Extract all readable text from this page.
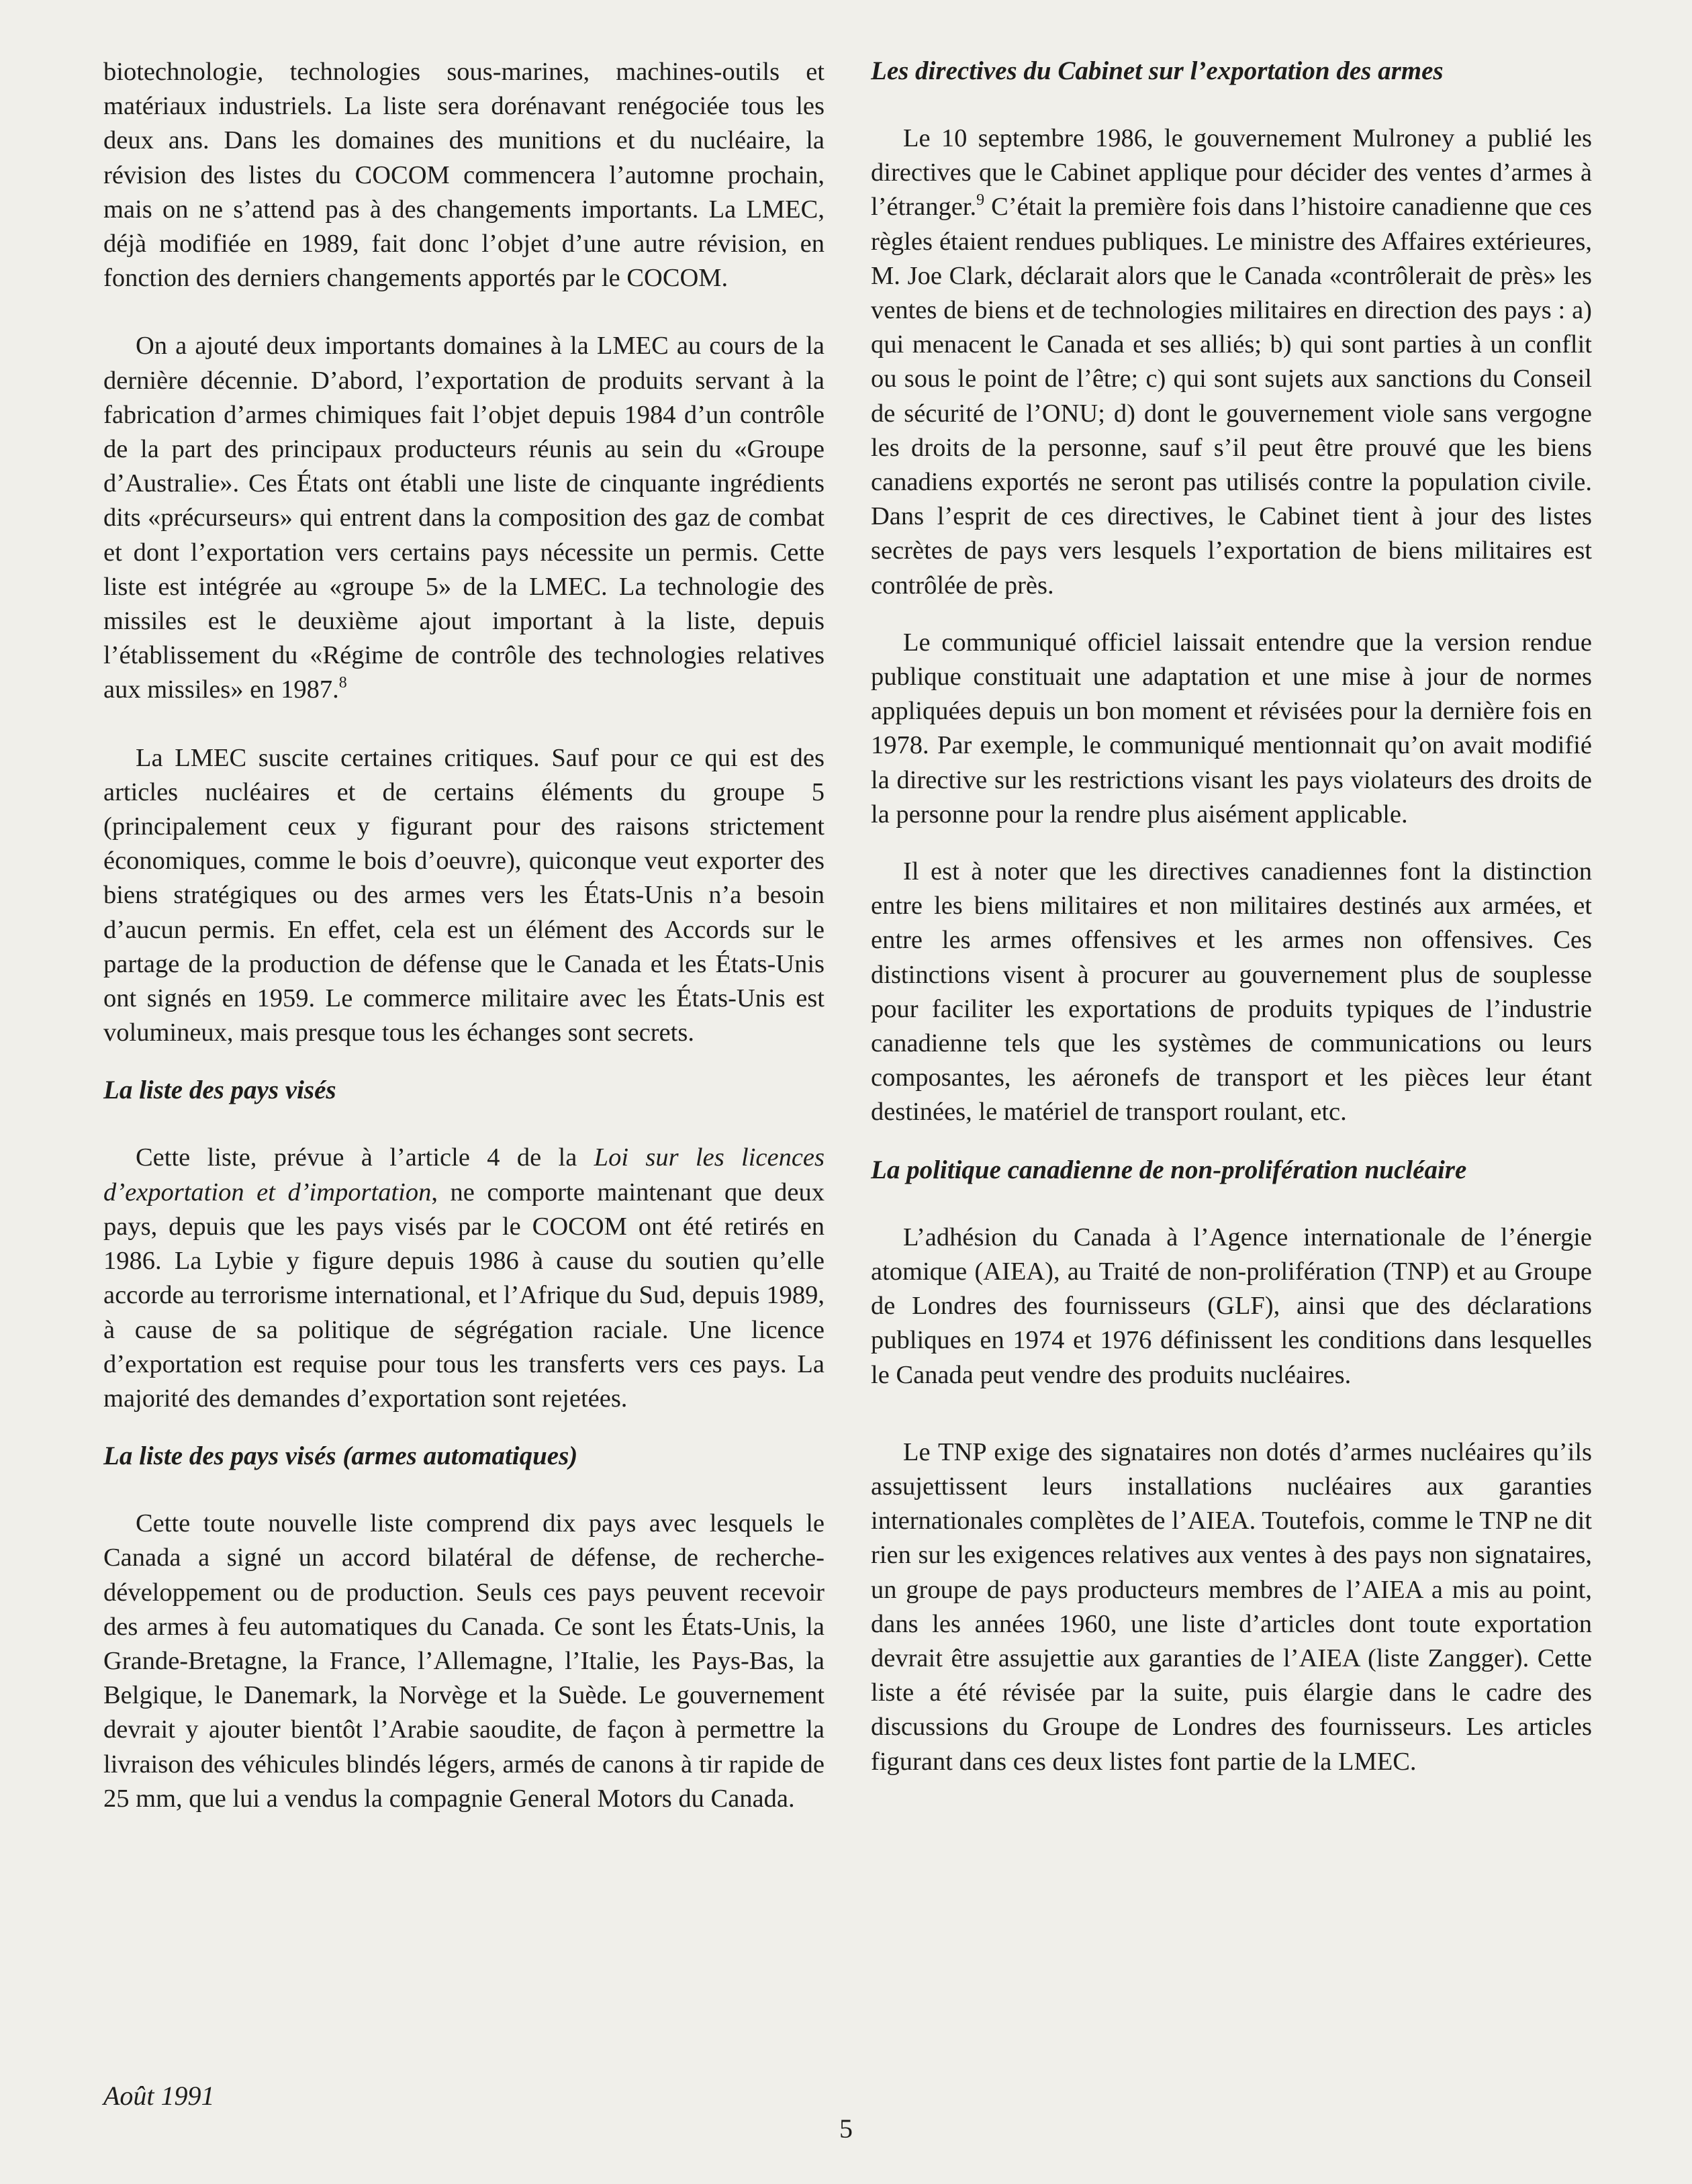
biotechnologie, technologies sous-marines, machines-outils et matériaux industriels. La liste sera dorénavant renégociée tous les deux ans. Dans les domaines des munitions et du nucléaire, la révision des listes du COCOM commencera l’automne prochain, mais on ne s’attend pas à des changements importants. La LMEC, déjà modifiée en 1989, fait donc l’objet d’une autre révision, en fonction des derniers changements apportés par le COCOM.

On a ajouté deux importants domaines à la LMEC au cours de la dernière décennie. D’abord, l’exportation de produits servant à la fabrication d’armes chimiques fait l’objet depuis 1984 d’un contrôle de la part des principaux producteurs réunis au sein du «Groupe d’Australie». Ces États ont établi une liste de cinquante ingrédients dits «précurseurs» qui entrent dans la composition des gaz de combat et dont l’exportation vers certains pays nécessite un permis. Cette liste est intégrée au «groupe 5» de la LMEC. La technologie des missiles est le deuxième ajout important à la liste, depuis l’établissement du «Régime de contrôle des technologies relatives aux missiles» en 1987.$^8$

La LMEC suscite certaines critiques. Sauf pour ce qui est des articles nucléaires et de certains éléments du groupe 5 (principalement ceux y figurant pour des raisons strictement économiques, comme le bois d’oeuvre), quiconque veut exporter des biens stratégiques ou des armes vers les États-Unis n’a besoin d’aucun permis. En effet, cela est un élément des Accords sur le partage de la production de défense que le Canada et les États-Unis ont signés en 1959. Le commerce militaire avec les États-Unis est volumineux, mais presque tous les échanges sont secrets.

La liste des pays visés

Cette liste, prévue à l’article 4 de la Loi sur les licences d’exportation et d’importation, ne comporte maintenant que deux pays, depuis que les pays visés par le COCOM ont été retirés en 1986. La Lybie y figure depuis 1986 à cause du soutien qu’elle accorde au terrorisme international, et l’Afrique du Sud, depuis 1989, à cause de sa politique de ségrégation raciale. Une licence d’exportation est requise pour tous les transferts vers ces pays. La majorité des demandes d’exportation sont rejetées.

La liste des pays visés (armes automatiques)

Cette toute nouvelle liste comprend dix pays avec lesquels le Canada a signé un accord bilatéral de défense, de recherche-développement ou de production. Seuls ces pays peuvent recevoir des armes à feu automatiques du Canada. Ce sont les États-Unis, la Grande-Bretagne, la France, l’Allemagne, l’Italie, les Pays-Bas, la Belgique, le Danemark, la Norvège et la Suède. Le gouvernement devrait y ajouter bientôt l’Arabie saoudite, de façon à permettre la livraison des véhicules blindés légers, armés de canons à tir rapide de 25 mm, que lui a vendus la compagnie General Motors du Canada.

Les directives du Cabinet sur l’exportation des armes

Le 10 septembre 1986, le gouvernement Mulroney a publié les directives que le Cabinet applique pour décider des ventes d’armes à l’étranger.$^9$ C’était la première fois dans l’histoire canadienne que ces règles étaient rendues publiques. Le ministre des Affaires extérieures, M. Joe Clark, déclarait alors que le Canada «contrôlerait de près» les ventes de biens et de technologies militaires en direction des pays : a) qui menacent le Canada et ses alliés; b) qui sont parties à un conflit ou sous le point de l’être; c) qui sont sujets aux sanctions du Conseil de sécurité de l’ONU; d) dont le gouvernement viole sans vergogne les droits de la personne, sauf s’il peut être prouvé que les biens canadiens exportés ne seront pas utilisés contre la population civile. Dans l’esprit de ces directives, le Cabinet tient à jour des listes secrètes de pays vers lesquels l’exportation de biens militaires est contrôlée de près.

Le communiqué officiel laissait entendre que la version rendue publique constituait une adaptation et une mise à jour de normes appliquées depuis un bon moment et révisées pour la dernière fois en 1978. Par exemple, le communiqué mentionnait qu’on avait modifié la directive sur les restrictions visant les pays violateurs des droits de la personne pour la rendre plus aisément applicable.

Il est à noter que les directives canadiennes font la distinction entre les biens militaires et non militaires destinés aux armées, et entre les armes offensives et les armes non offensives. Ces distinctions visent à procurer au gouvernement plus de souplesse pour faciliter les exportations de produits typiques de l’industrie canadienne tels que les systèmes de communications ou leurs composantes, les aéronefs de transport et les pièces leur étant destinées, le matériel de transport roulant, etc.

La politique canadienne de non-prolifération nucléaire

L’adhésion du Canada à l’Agence internationale de l’énergie atomique (AIEA), au Traité de non-prolifération (TNP) et au Groupe de Londres des fournisseurs (GLF), ainsi que des déclarations publiques en 1974 et 1976 définissent les conditions dans lesquelles le Canada peut vendre des produits nucléaires.

Le TNP exige des signataires non dotés d’armes nucléaires qu’ils assujettissent leurs installations nucléaires aux garanties internationales complètes de l’AIEA. Toutefois, comme le TNP ne dit rien sur les exigences relatives aux ventes à des pays non signataires, un groupe de pays producteurs membres de l’AIEA a mis au point, dans les années 1960, une liste d’articles dont toute exportation devrait être assujettie aux garanties de l’AIEA (liste Zangger). Cette liste a été révisée par la suite, puis élargie dans le cadre des discussions du Groupe de Londres des fournisseurs. Les articles figurant dans ces deux listes font partie de la LMEC.

Août 1991
5
